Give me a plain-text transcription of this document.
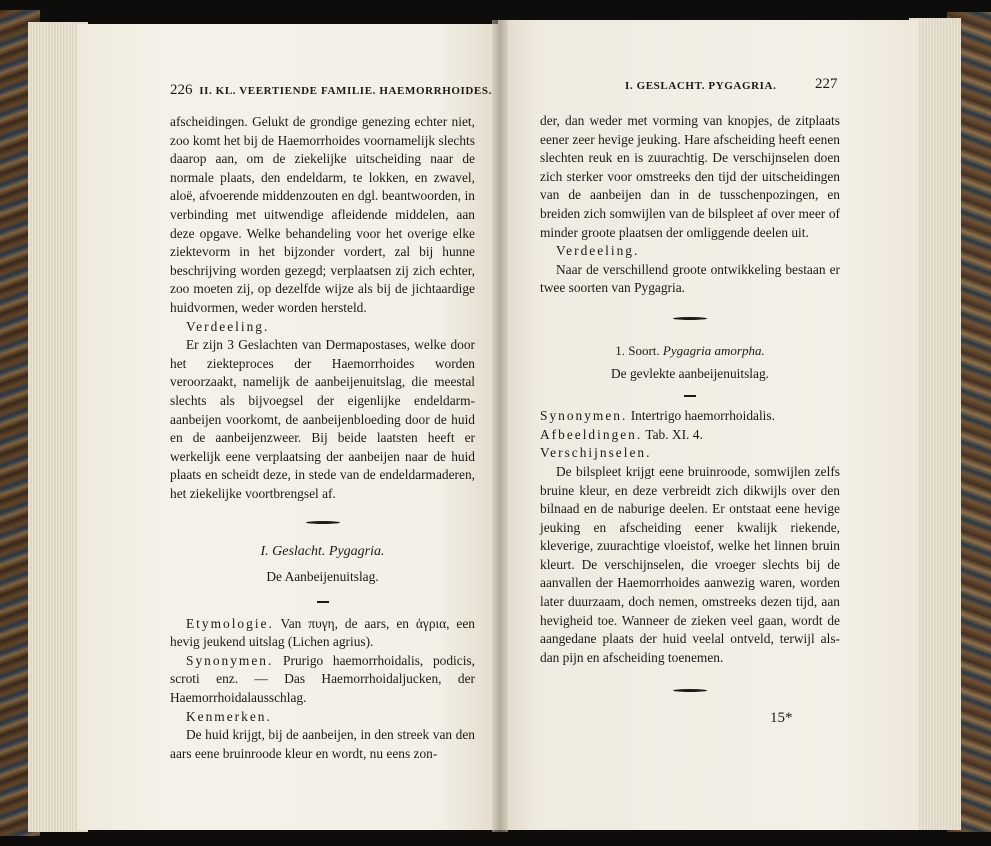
226 II. KL. VEERTIENDE FAMILIE. HAEMORRHOIDES.

afscheidingen. Gelukt de grondige genezing echter niet, zoo komt het bij de Haemorrhoides voornamelijk slechts daarop aan, om de ziekelijke uitscheiding naar de normale plaats, den endeldarm, te lokken, en zwavel, aloë, afvoerende middenzouten en dgl. beantwoorden, in verbinding met uitwendige afleidende middelen, aan deze opgave. Welke behandeling voor het overige elke ziektevorm in het bijzonder vordert, zal bij hunne beschrijving worden gezegd; verplaatsen zij zich echter, zoo moeten zij, op dezelfde wijze als bij de jichtaardige huidvormen, weder worden hersteld.

Verdeeling.

Er zijn 3 Geslachten van Dermapostases, welke door het ziekteproces der Haemorrhoides worden veroorzaakt, namelijk de aanbeijenuitslag, die meestal slechts als bijvoegsel der eigenlijke endeldarm-aanbeijen voorkomt, de aanbeijenbloeding door de huid en de aanbeijenzweer. Bij beide laatsten heeft er werkelijk eene verplaatsing der aanbeijen naar de huid plaats en scheidt deze, in stede van de endeldarmaderen, het ziekelijke voortbrengsel af.

I. Geslacht. Pygagria.

De Aanbeijenuitslag.

Etymologie. Van πυγη, de aars, en ἀγρια, een hevig jeukend uitslag (Lichen agrius).

Synonymen. Prurigo haemorrhoidalis, podicis, scroti enz. — Das Haemorrhoidaljucken, der Haemorrhoidalausschlag.

Kenmerken.

De huid krijgt, bij de aanbeijen, in den streek van den aars eene bruinroode kleur en wordt, nu eens zon-

I. GESLACHT. PYGAGRIA.	227

der, dan weder met vorming van knopjes, de zitplaats eener zeer hevige jeuking. Hare afscheiding heeft eenen slechten reuk en is zuurachtig. De verschijnselen doen zich sterker voor omstreeks den tijd der uitscheidingen van de aanbeijen dan in de tusschenpozingen, en breiden zich somwijlen van de bilspleet af over meer of minder groote plaatsen der omliggende deelen uit.

Verdeeling.

Naar de verschillend groote ontwikkeling bestaan er twee soorten van Pygagria.

1. Soort. Pygagria amorpha.

De gevlekte aanbeijenuitslag.

Synonymen. Intertrigo haemorrhoidalis.

Afbeeldingen. Tab. XI. 4.

Verschijnselen.

De bilspleet krijgt eene bruinroode, somwijlen zelfs bruine kleur, en deze verbreidt zich dikwijls over den bilnaad en de naburige deelen. Er ontstaat eene hevige jeuking en afscheiding eener kwalijk riekende, kleverige, zuurachtige vloeistof, welke het linnen bruin kleurt. De verschijnselen, die vroeger slechts bij de aanvallen der Haemorrhoides aanwezig waren, worden later duurzaam, doch nemen, omstreeks dezen tijd, aan hevigheid toe. Wanneer de zieken veel gaan, wordt de aangedane plaats der huid veelal ontveld, terwijl als-dan pijn en afscheiding toenemen.

15*
